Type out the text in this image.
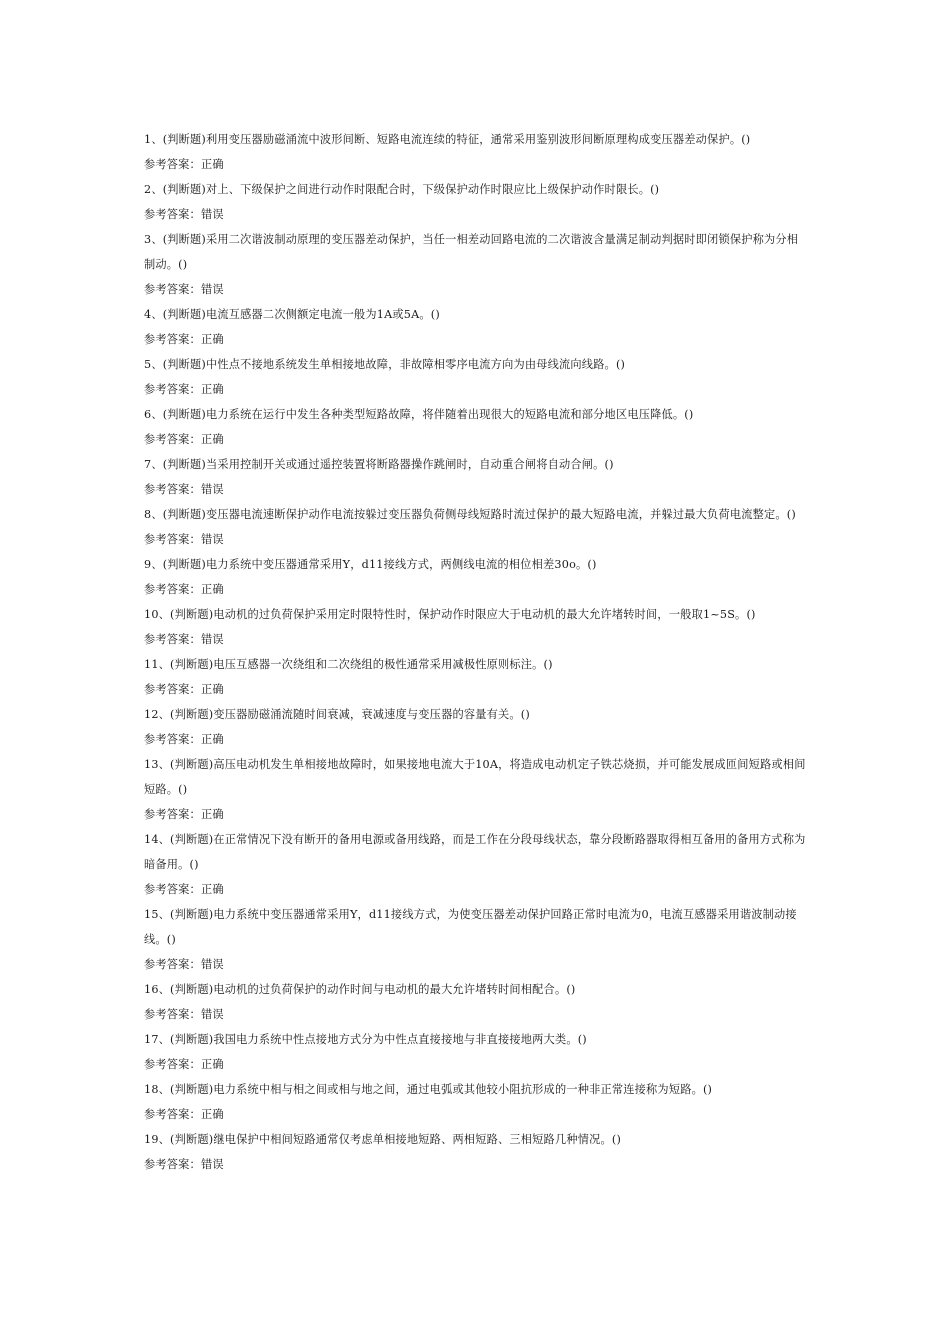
1、(判断题)利用变压器励磁涌流中波形间断、短路电流连续的特征，通常采用鉴别波形间断原理构成变压器差动保护。()

参考答案：正确

2、(判断题)对上、下级保护之间进行动作时限配合时，下级保护动作时限应比上级保护动作时限长。()

参考答案：错误

3、(判断题)采用二次谐波制动原理的变压器差动保护，当任一相差动回路电流的二次谐波含量满足制动判据时即闭锁保护称为分相制动。()

参考答案：错误

4、(判断题)电流互感器二次侧额定电流一般为1A或5A。()

参考答案：正确

5、(判断题)中性点不接地系统发生单相接地故障，非故障相零序电流方向为由母线流向线路。()

参考答案：正确

6、(判断题)电力系统在运行中发生各种类型短路故障，将伴随着出现很大的短路电流和部分地区电压降低。()

参考答案：正确

7、(判断题)当采用控制开关或通过遥控装置将断路器操作跳闸时，自动重合闸将自动合闸。()

参考答案：错误

8、(判断题)变压器电流速断保护动作电流按躲过变压器负荷侧母线短路时流过保护的最大短路电流，并躲过最大负荷电流整定。()

参考答案：错误

9、(判断题)电力系统中变压器通常采用Y，d11接线方式，两侧线电流的相位相差30o。()

参考答案：正确

10、(判断题)电动机的过负荷保护采用定时限特性时，保护动作时限应大于电动机的最大允许堵转时间，一般取1~5S。()

参考答案：错误

11、(判断题)电压互感器一次绕组和二次绕组的极性通常采用减极性原则标注。()

参考答案：正确

12、(判断题)变压器励磁涌流随时间衰减，衰减速度与变压器的容量有关。()

参考答案：正确

13、(判断题)高压电动机发生单相接地故障时，如果接地电流大于10A，将造成电动机定子铁芯烧损，并可能发展成匝间短路或相间短路。()

参考答案：正确

14、(判断题)在正常情况下没有断开的备用电源或备用线路，而是工作在分段母线状态，靠分段断路器取得相互备用的备用方式称为暗备用。()

参考答案：正确

15、(判断题)电力系统中变压器通常采用Y，d11接线方式，为使变压器差动保护回路正常时电流为0，电流互感器采用谐波制动接线。()

参考答案：错误

16、(判断题)电动机的过负荷保护的动作时间与电动机的最大允许堵转时间相配合。()

参考答案：错误

17、(判断题)我国电力系统中性点接地方式分为中性点直接接地与非直接接地两大类。()

参考答案：正确

18、(判断题)电力系统中相与相之间或相与地之间，通过电弧或其他较小阻抗形成的一种非正常连接称为短路。()

参考答案：正确

19、(判断题)继电保护中相间短路通常仅考虑单相接地短路、两相短路、三相短路几种情况。()

参考答案：错误
